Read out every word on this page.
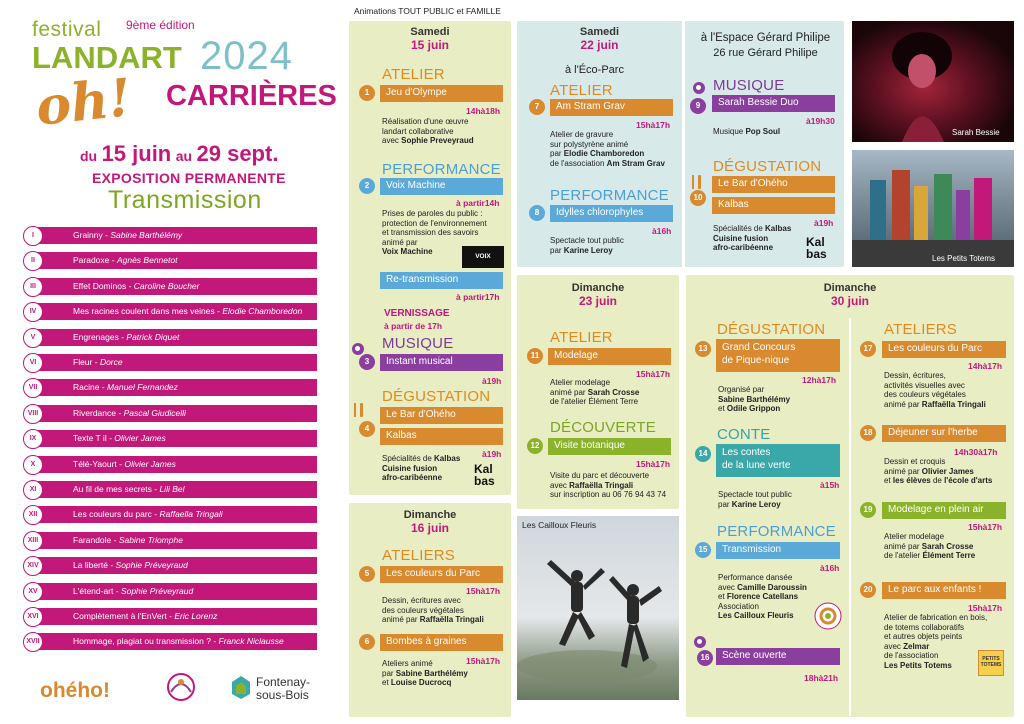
festival 9ème édition
LANDART 2024
oh! CARRIÈRES
du 15 juin au 29 sept.
EXPOSITION PERMANENTE
Transmission
I	Grainny - Sabine Barthélémy
II	Paradoxe - Agnès Bennetot
III	Effet Dominos - Caroline Boucher
IV	Mes racines coulent dans mes veines - Elodie Chamboredon
V	Engrenages - Patrick Diquet
VI	Fleur - Dorce
VII	Racine - Manuel Fernandez
VIII	Riverdance - Pascal Giudicelli
IX	Texte T il - Olivier James
X	Télé-Yaourt - Olivier James
XI	Au fil de mes secrets - Lili Bel
XII	Les couleurs du parc - Raffaella Tringali
XIII	Farandole - Sabine Triomphe
XIV	La liberté - Sophie Préveyraud
XV	L'étend-art - Sophie Préveyraud
XVI	Complètement à l'EnVert - Eric Lorenz
XVII	Hommage, plagiat ou transmission ? - Franck Niclausse
ohého!	Fontenay-
sous-Bois
Animations TOUT PUBLIC et FAMILLE
Samedi
15 juin
ATELIER
1	Jeu d'Olympe
14hà18h
Réalisation d'une œuvre
landart collaborative
avec Sophie Preveyraud
PERFORMANCE
2	Voix Machine
à partir14h
Prises de paroles du public :
protection de l'environnement
et transmission des savoirs
animé par
Voix Machine
VOIX
Re-transmission
à partir17h
VERNISSAGE
à partir de 17h
MUSIQUE
3	Instant musical
à19h
DÉGUSTATION
Le Bar d'Ohého
4
Kalbas
à19h
Spécialités de Kalbas
Cuisine fusion
afro-caribéenne
Kal bas
Dimanche
16 juin
ATELIERS
5	Les couleurs du Parc
15hà17h
Dessin, écritures avec
des couleurs végétales
animé par Raffaëlla Tringali
6	Bombes à graines
15hà17h
Ateliers animé
par Sabine Barthélémy
et Louise Ducrocq
Samedi
22 juin
à l'Éco-Parc
ATELIER
7	Am Stram Grav
15hà17h
Atelier de gravure
sur polystyrène animé
par Elodie Chamboredon
de l'association Am Stram Grav
PERFORMANCE
8	Idylles chlorophyles
à16h
Spectacle tout public
par Karine Leroy
à l'Espace Gérard Philipe
26 rue Gérard Philipe
MUSIQUE
9	Sarah Bessie Duo
à19h30
Musique Pop Soul
DÉGUSTATION
Le Bar d'Ohého
10
Kalbas
à19h
Spécialités de Kalbas
Cuisine fusion
afro-caribéenne	Kal bas
Dimanche
23 juin
ATELIER
11	Modelage
15hà17h
Atelier modelage
animé par Sarah Crosse
de l'atelier Élément Terre
DÉCOUVERTE
12	Visite botanique
15hà17h
Visite du parc et découverte
avec Raffaëlla Tringali
sur inscription au 06 76 94 43 74
Les Cailloux Fleuris
Dimanche
30 juin
DÉGUSTATION
13	Grand Concours
de Pique-nique
12hà17h
Organisé par
Sabine Barthélémy
et Odile Grippon
CONTE
14	Les contes
de la lune verte
à15h
Spectacle tout public
par Karine Leroy
PERFORMANCE
15	Transmission
à16h
Performance dansée
avec Camille Daroussin
et Florence Catellans
Association
Les Cailloux Fleuris
16	Scène ouverte
18hà21h
ATELIERS
17	Les couleurs du Parc
14hà17h
Dessin, écritures,
activités visuelles avec
des couleurs végétales
animé par Raffaëlla Tringali
18	Déjeuner sur l'herbe
14h30à17h
Dessin et croquis
animé par Olivier James
et les élèves de l'école d'arts
19	Modelage en plein air
15hà17h
Atelier modelage
animé par Sarah Crosse
de l'atelier Élément Terre
20	Le parc aux enfants !
15hà17h
Atelier de fabrication en bois,
de totems collaboratifs
et autres objets peints
avec Zelmar
de l'association
Les Petits Totems
PETITS TOTEMS
Sarah Bessie
Les Petits Totems
